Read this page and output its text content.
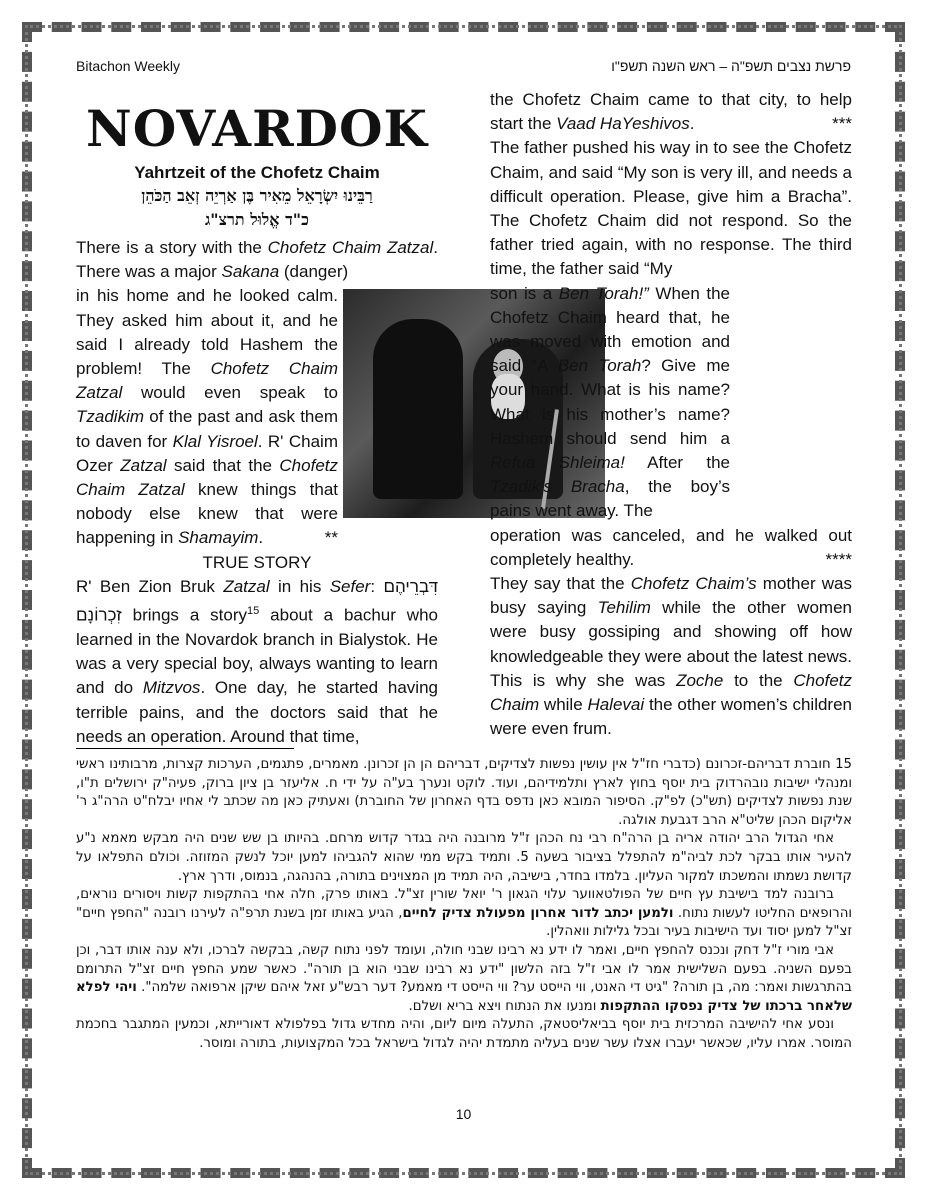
Bitachon Weekly	פרשת נצבים תשפ"ה – ראש השנה תשפ"ו
NOVARDOK
Yahrtzeit of the Chofetz Chaim
רַבֵּינוּ יִשְׂרָאֵל מֵאִיר בֶּן אַרְיֵה זְאֵב הַכֹּהֵן
כ"ד אֱלוּל תרצ"ג

There is a story with the Chofetz Chaim Zatzal. There was a major Sakana (danger)

in his home and he looked calm. They asked him about it, and he said I already told Hashem the problem! The Chofetz Chaim Zatzal would even speak to Tzadikim of the past and ask them to daven for Klal Yisroel. R' Chaim Ozer Zatzal said that the Chofetz Chaim Zatzal knew things that nobody else knew that were happening in Shamayim.	**

TRUE STORY

R' Ben Zion Bruk Zatzal in his Sefer: דִּבְרֵיהֶם זִכְרוֹנָם brings a story$^{15}$ about a bachur who learned in the Novardok branch in Bialystok. He was a very special boy, always wanting to learn and do Mitzvos. One day, he started having terrible pains, and the doctors said that he needs an operation. Around that time,

the Chofetz Chaim came to that city, to help start the Vaad HaYeshivos.	***

The father pushed his way in to see the Chofetz Chaim, and said “My son is very ill, and needs a difficult operation. Please, give him a Bracha”. The Chofetz Chaim did not respond. So the father tried again, with no response. The third time, the father said “My

son is a Ben Torah!” When the Chofetz Chaim heard that, he was moved with emotion and said “A Ben Torah? Give me your hand. What is his name? What is his mother’s name? Hashem should send him a Refua Shleima! After the Tzadik’s Bracha, the boy’s pains went away. The

operation was canceled, and he walked out completely healthy.	****

They say that the Chofetz Chaim’s mother was busy saying Tehilim while the other women were busy gossiping and showing off how knowledgeable they were about the latest news. This is why she was Zoche to the Chofetz Chaim while Halevai the other women’s children were even frum.

15 חוברת דבריהם-זכרונם (כדברי חז"ל אין עושין נפשות לצדיקים, דבריהם הן הן זכרונן. מאמרים, פתגמים, הערכות קצרות, מרבותינו ראשי ומנהלי ישיבות נובהרדוק בית יוסף בחוץ לארץ ותלמידיהם, ועוד. לוקט ונערך בע"ה על ידי ח. אליעזר בן ציון ברוק, פעיה"ק ירושלים ת"ו, שנת נפשות לצדיקים (תש"כ) לפ"ק. הסיפור המובא כאן נדפס בדף האחרון של החוברת) ואעתיק כאן מה שכתב לי אחיו יבלח"ט הרה"ג ר' אליקום הכהן שליט"א הרב דגבעת אולגה.

אחי הגדול הרב יהודה אריה בן הרה"ח רבי נח הכהן ז"ל מרובנה היה בגדר קדוש מרחם. בהיותו בן שש שנים היה מבקש מאמא נ"ע להעיר אותו בבקר לכת לביה"מ להתפלל בציבור בשעה 5. ותמיד בקש ממי שהוא להגביהו למען יוכל לנשק המזוזה. וכולם התפלאו על קדושת נשמתו והמשכתו למקור העליון. בלמדו בחדר, בישיבה, היה תמיד מן המצוינים בתורה, בהנהגה, בנמוס, ודרך ארץ.

ברובנה למד בישיבת עץ חיים של הפולטאווער עלוי הגאון ר' יואל שורין זצ"ל. באותו פרק, חלה אחי בהתקפות קשות ויסורים נוראים, והרופאים החליטו לעשות נתוח. ולמען יכתב לדור אחרון מפעולת צדיק לחיים, הגיע באותו זמן בשנת תרפ"ה לעירנו רובנה "החפץ חיים" זצ"ל למען יסוד ועד הישיבות בעיר ובכל גלילות וואהלין.

אבי מורי ז"ל דחק ונכנס להחפץ חיים, ואמר לו ידע נא רבינו שבני חולה, ועומד לפני נתוח קשה, בבקשה לברכו, ולא ענה אותו דבר, וכן בפעם השניה. בפעם השלישית אמר לו אבי ז"ל בזה הלשון "ידע נא רבינו שבני הוא בן תורה". כאשר שמע החפץ חיים זצ"ל התרומם בהתרגשות ואמר: מה, בן תורה? "גיט די האנט, ווי הייסט ער? ווי הייסט די מאמע? דער רבש"ע זאל איהם שיקן ארפואה שלמה". ויהי לפלא שלאחר ברכתו של צדיק נפסקו ההתקפות ומנעו את הנתוח ויצא בריא ושלם.

ונסע אחי להישיבה המרכזית בית יוסף בביאליסטאק, התעלה מיום ליום, והיה מחדש גדול בפלפולא דאורייתא, וכמעין המתגבר בחכמת המוסר. אמרו עליו, שכאשר יעברו אצלו עשר שנים בעליה מתמדת יהיה לגדול בישראל בכל המקצועות, בתורה ומוסר.

10
